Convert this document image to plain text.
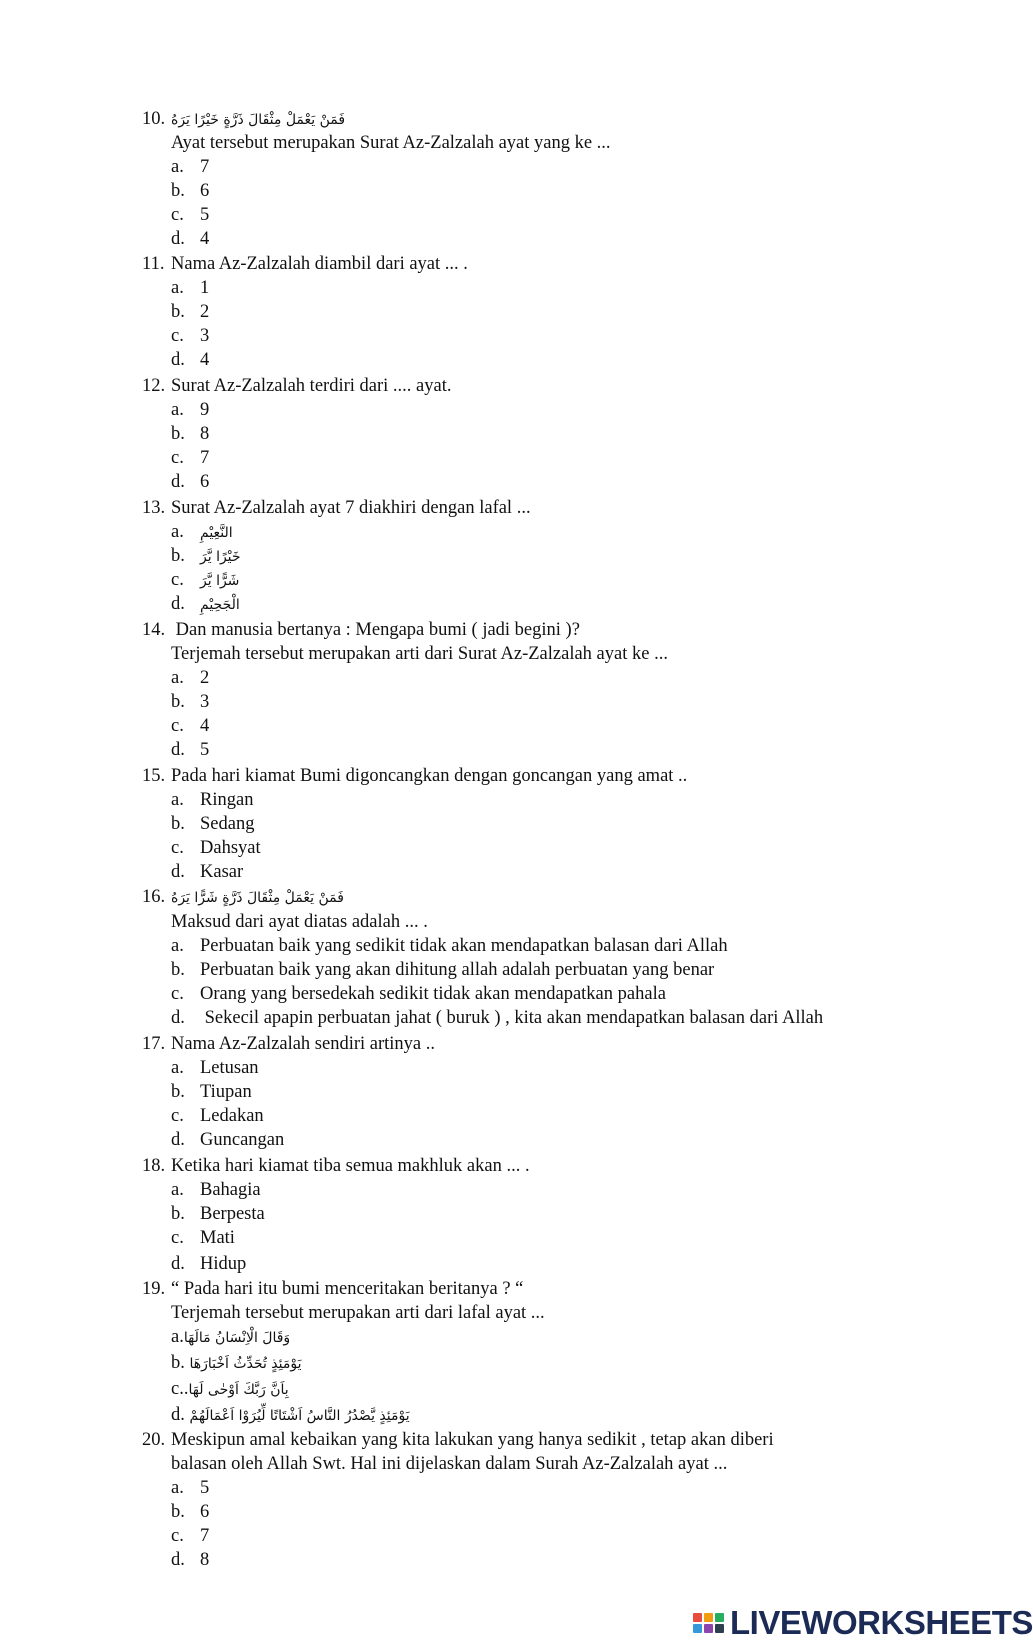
10. فَمَنْ يَعْمَلْ مِثْقَالَ ذَرَّةٍ خَيْرًا يَرَهُ
Ayat tersebut merupakan Surat Az-Zalzalah ayat yang ke ...
a. 7
b. 6
c. 5
d. 4
11. Nama Az-Zalzalah diambil dari ayat ... .
a. 1
b. 2
c. 3
d. 4
12. Surat Az-Zalzalah terdiri dari .... ayat.
a. 9
b. 8
c. 7
d. 6
13. Surat Az-Zalzalah ayat 7 diakhiri dengan lafal ...
a. النَّعِيْمِ
b. خَيْرًا يَّرَ
c. شَرًّا يَّرَ
d. الْجَحِيْمِ
14. Dan manusia bertanya : Mengapa bumi ( jadi begini )?
Terjemah tersebut merupakan arti dari Surat Az-Zalzalah ayat ke ...
a. 2
b. 3
c. 4
d. 5
15. Pada hari kiamat Bumi digoncangkan dengan goncangan yang amat ..
a. Ringan
b. Sedang
c. Dahsyat
d. Kasar
16. فَمَنْ يَعْمَلْ مِثْقَالَ ذَرَّةٍ شَرًّا يَرَهُ
Maksud dari ayat diatas adalah ... .
a. Perbuatan baik yang sedikit tidak akan mendapatkan balasan dari Allah
b. Perbuatan baik yang akan dihitung allah adalah perbuatan yang benar
c. Orang yang bersedekah sedikit tidak akan mendapatkan pahala
d. Sekecil apapin perbuatan jahat ( buruk ) , kita akan mendapatkan balasan dari Allah
17. Nama Az-Zalzalah sendiri artinya ..
a. Letusan
b. Tiupan
c. Ledakan
d. Guncangan
18. Ketika hari kiamat tiba semua makhluk akan ... .
a. Bahagia
b. Berpesta
c. Mati
d. Hidup
19. “ Pada hari itu bumi menceritakan beritanya ? “
Terjemah tersebut merupakan arti dari lafal ayat ...
a.وَقَالَ الْاِنْسَانُ مَالَهَا
b. يَوْمَئِذٍ تُحَدِّثُ اَخْبَارَهَا
c..بِاَنَّ رَبَّكَ اَوْحٰى لَهَا
d. يَوْمَئِذٍ يَّصْدُرُ النَّاسُ اَشْتَاتًا لِّيُرَوْا اَعْمَالَهُمْ
20. Meskipun amal kebaikan yang kita lakukan yang hanya sedikit , tetap akan diberi
balasan oleh Allah Swt. Hal ini dijelaskan dalam Surah Az-Zalzalah ayat ...
a. 5
b. 6
c. 7
d. 8
LIVEWORKSHEETS
